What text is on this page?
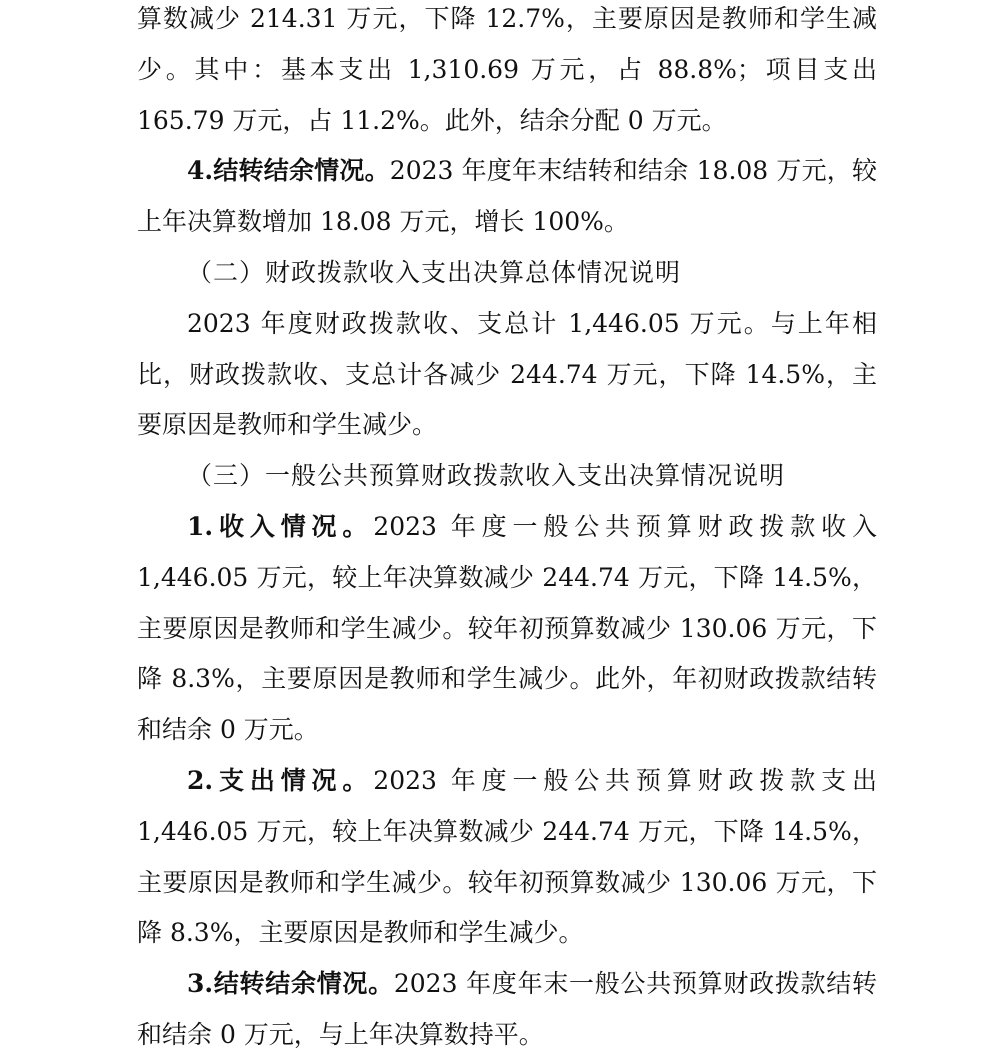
算数减少 214.31 万元，下降 12.7%，主要原因是教师和学生减少。其中：基本支出 1,310.69 万元，占 88.8%；项目支出 165.79 万元，占 11.2%。此外，结余分配 0 万元。

4.结转结余情况。2023 年度年末结转和结余 18.08 万元，较上年决算数增加 18.08 万元，增长 100%。

（二）财政拨款收入支出决算总体情况说明

2023 年度财政拨款收、支总计 1,446.05 万元。与上年相比，财政拨款收、支总计各减少 244.74 万元，下降 14.5%，主要原因是教师和学生减少。

（三）一般公共预算财政拨款收入支出决算情况说明

1.收入情况。2023 年度一般公共预算财政拨款收入 1,446.05 万元，较上年决算数减少 244.74 万元，下降 14.5%，主要原因是教师和学生减少。较年初预算数减少 130.06 万元，下降 8.3%，主要原因是教师和学生减少。此外，年初财政拨款结转和结余 0 万元。

2.支出情况。2023 年度一般公共预算财政拨款支出 1,446.05 万元，较上年决算数减少 244.74 万元，下降 14.5%，主要原因是教师和学生减少。较年初预算数减少 130.06 万元，下降 8.3%，主要原因是教师和学生减少。

3.结转结余情况。2023 年度年末一般公共预算财政拨款结转和结余 0 万元，与上年决算数持平。
